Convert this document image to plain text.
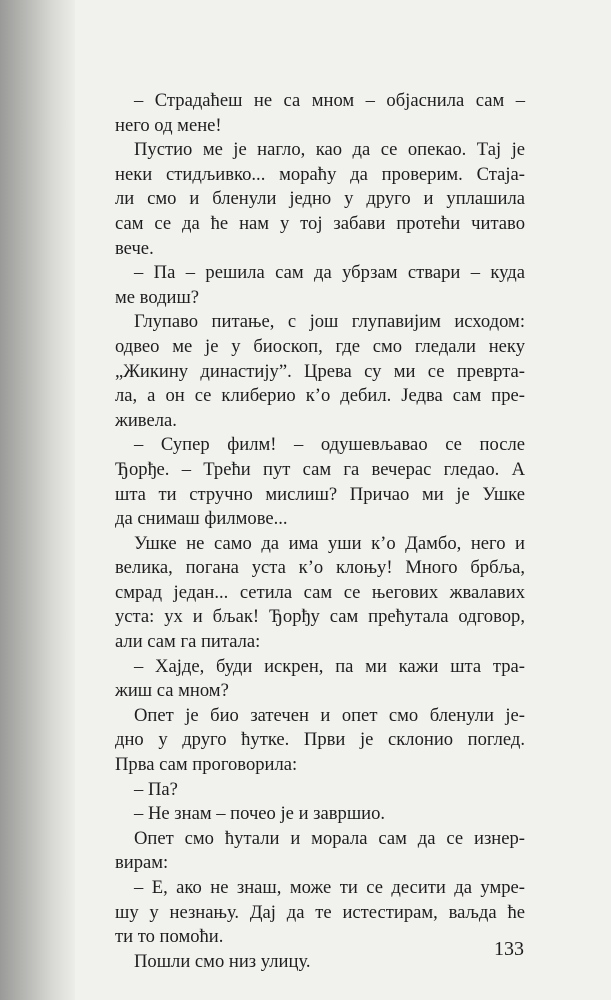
– Страдаћеш не са мном – објаснила сам –
него од мене!

Пустио ме је нагло, као да се опекао. Тај је
неки стидљивко... мораћу да проверим. Стаја-
ли смо и бленули једно у друго и уплашила
сам се да ће нам у тој забави протећи читаво
вече.

– Па – решила сам да убрзам ствари – куда
ме водиш?

Глупаво питање, с још глупавијим исходом:
одвео ме је у биоскоп, где смо гледали неку
„Жикину династију”. Црева су ми се преврта-
ла, а он се клиберио к’о дебил. Једва сам пре-
живела.

– Супер филм! – одушевљавао се после
Ђорђе. – Трећи пут сам га вечерас гледао. А
шта ти стручно мислиш? Причао ми је Ушке
да снимаш филмове...

Ушке не само да има уши к’о Дамбо, него и
велика, погана уста к’о клоњу! Много брбља,
смрад један... сетила сам се његових жвалавих
уста: ух и бљак! Ђорђу сам прећутала одговор,
али сам га питала:

– Хајде, буди искрен, па ми кажи шта тра-
жиш са мном?

Опет је био затечен и опет смо бленули је-
дно у друго ћутке. Први је склонио поглед.
Прва сам проговорила:

– Па?

– Не знам – почео је и завршио.

Опет смо ћутали и морала сам да се изнер-
вирам:

– Е, ако не знаш, може ти се десити да умре-
шу у незнању. Дај да те истестирам, ваљда ће
ти то помоћи.

Пошли смо низ улицу.

133
